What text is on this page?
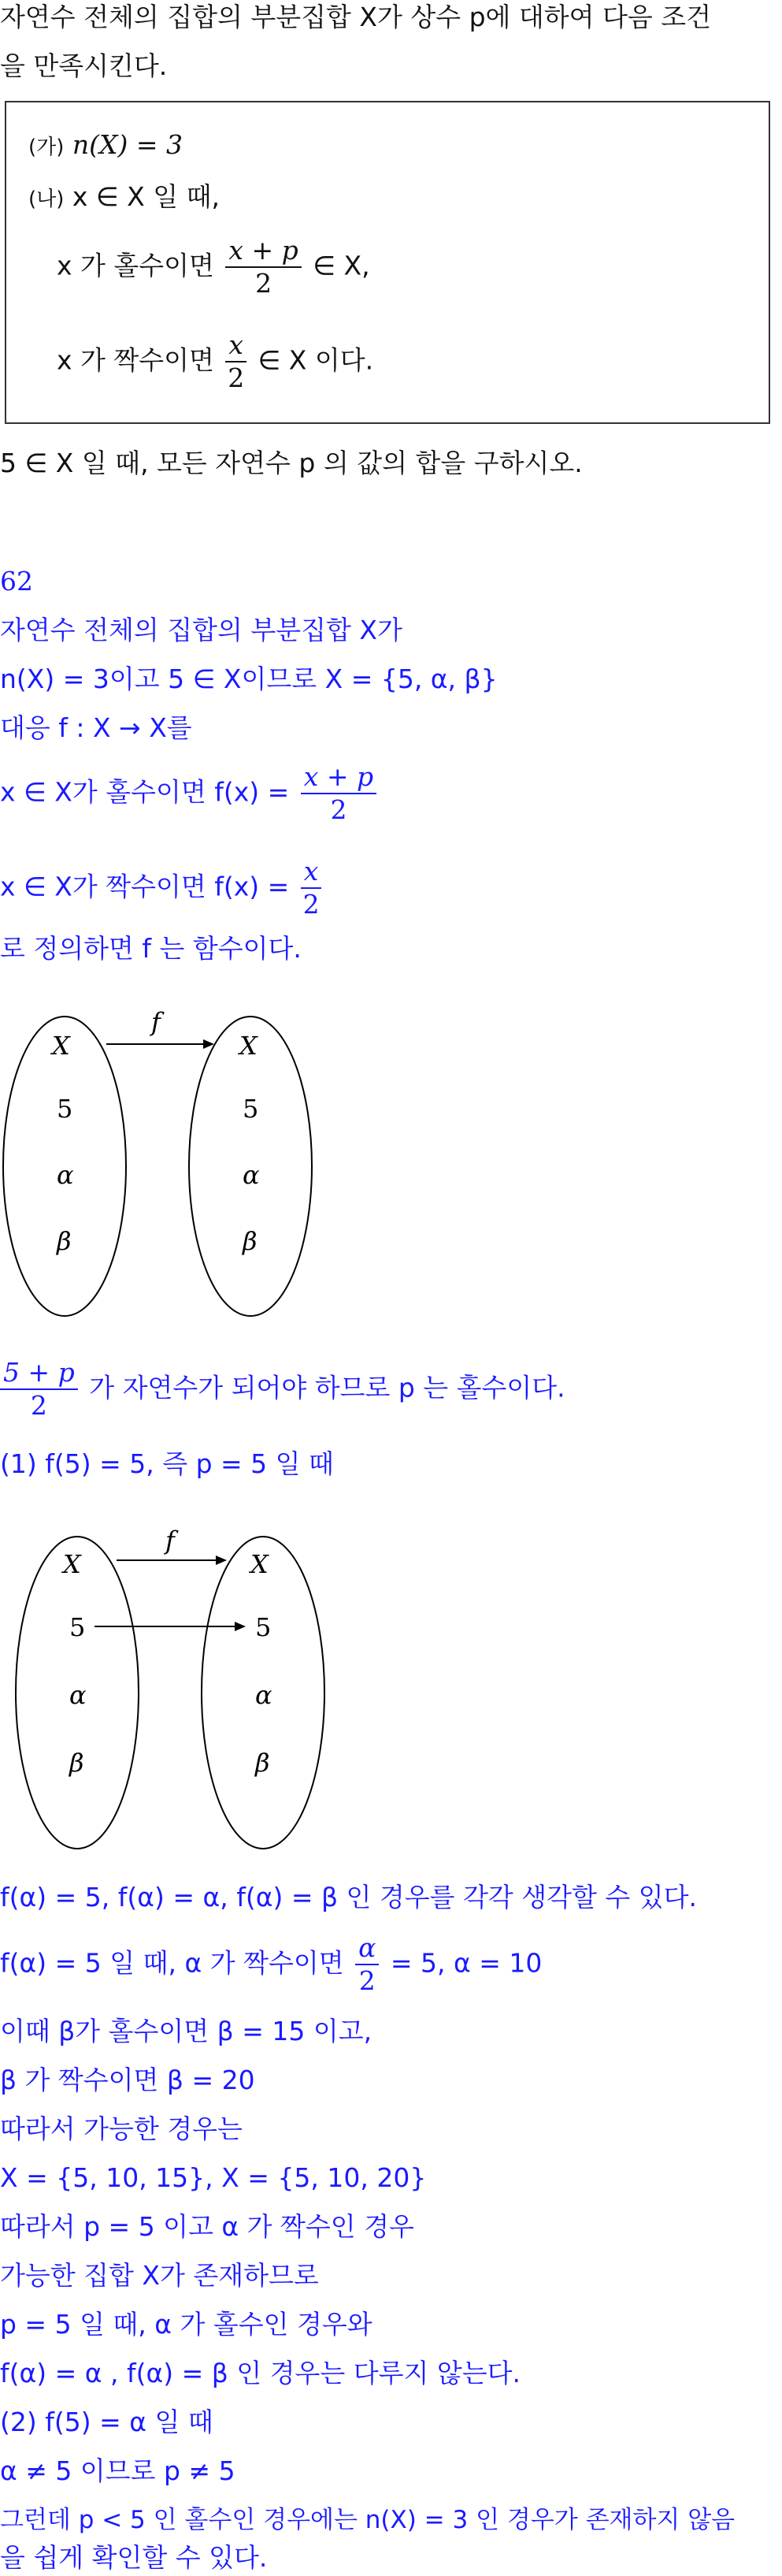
자연수 전체의 집합의 부분집합 X가 상수 p에 대하여 다음 조건
을 만족시킨다.
(가) n(X) = 3
(나) x ∈ X 일 때,
x 가 홀수이면 $\frac{x + p}{2}$ ∈ X,
x 가 짝수이면 $\frac{x}{2}$ ∈ X 이다.
5 ∈ X 일 때, 모든 자연수 p 의 값의 합을 구하시오.
62
자연수 전체의 집합의 부분집합 X가
n(X) = 3이고 5 ∈ X이므로 X = {5, α, β}
대응 f : X → X를
x ∈ X가 홀수이면 $f(x) = \frac{x + p}{2}$
x ∈ X가 짝수이면 $f(x) = \frac{x}{2}$
로 정의하면 f 는 함수이다.
f
X	X
5
α
β
5
α
β
$\frac{5 + p}{2}$ 가 자연수가 되어야 하므로 p 는 홀수이다.
(1) f(5) = 5, 즉 p = 5 일 때
f
X	X
5
α
β
5
α
β
f(α) = 5, f(α) = α, f(α) = β 인 경우를 각각 생각할 수 있다.
f(α) = 5 일 때, α 가 짝수이면 $\frac{\alpha}{2} = 5$, α = 10
이때 β가 홀수이면 β = 15 이고,
β 가 짝수이면 β = 20
따라서 가능한 경우는
X = {5, 10, 15}, X = {5, 10, 20}
따라서 p = 5 이고 α 가 짝수인 경우
가능한 집합 X가 존재하므로
p = 5 일 때, α 가 홀수인 경우와
f(α) = α , f(α) = β 인 경우는 다루지 않는다.
(2) f(5) = α 일 때
α ≠ 5 이므로 p ≠ 5
그런데 p < 5 인 홀수인 경우에는 n(X) = 3 인 경우가 존재하지 않음
을 쉽게 확인할 수 있다.
